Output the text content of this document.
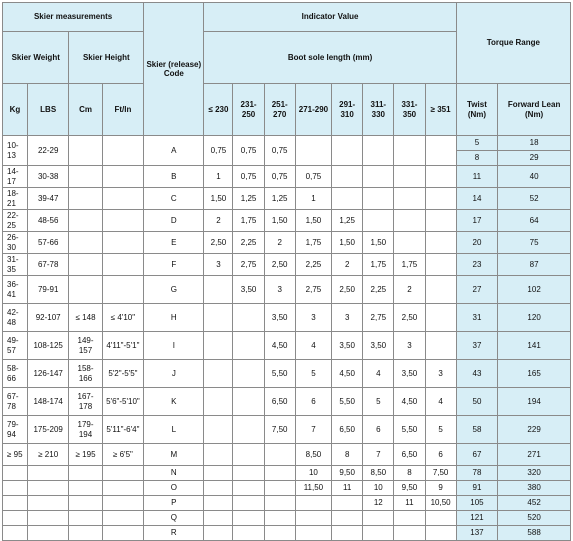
Skier measurements				Skier (release) Code	Indicator Value								Torque Range	
Skier Weight		Skier Height			Boot sole length (mm)									
Kg	LBS	Cm	Ft/In		≤ 230	231-250	251-270	271-290	291-310	311-330	331-350	≥ 351	Twist (Nm)	Forward Lean (Nm)
10-13	22-29			A	0,75	0,75	0,75						5	18
													8	29
14-17	30-38			B	1	0,75	0,75	0,75					11	40
18-21	39-47			C	1,50	1,25	1,25	1					14	52
22-25	48-56			D	2	1,75	1,50	1,50	1,25				17	64
26-30	57-66			E	2,50	2,25	2	1,75	1,50	1,50			20	75
31-35	67-78			F	3	2,75	2,50	2,25	2	1,75	1,75		23	87
36-41	79-91			G		3,50	3	2,75	2,50	2,25	2		27	102
42-48	92-107	≤ 148	≤ 4'10"	H			3,50	3	3	2,75	2,50		31	120
49-57	108-125	149-157	4'11"-5'1"	I			4,50	4	3,50	3,50	3		37	141
58-66	126-147	158-166	5'2"-5'5"	J			5,50	5	4,50	4	3,50	3	43	165
67-78	148-174	167-178	5'6"-5'10"	K			6,50	6	5,50	5	4,50	4	50	194
79-94	175-209	179-194	5'11"-6'4"	L			7,50	7	6,50	6	5,50	5	58	229
≥ 95	≥ 210	≥ 195	≥ 6'5"	M				8,50	8	7	6,50	6	67	271
				N				10	9,50	8,50	8	7,50	78	320
				O				11,50	11	10	9,50	9	91	380
				P						12	11	10,50	105	452
				Q									121	520
				R									137	588
